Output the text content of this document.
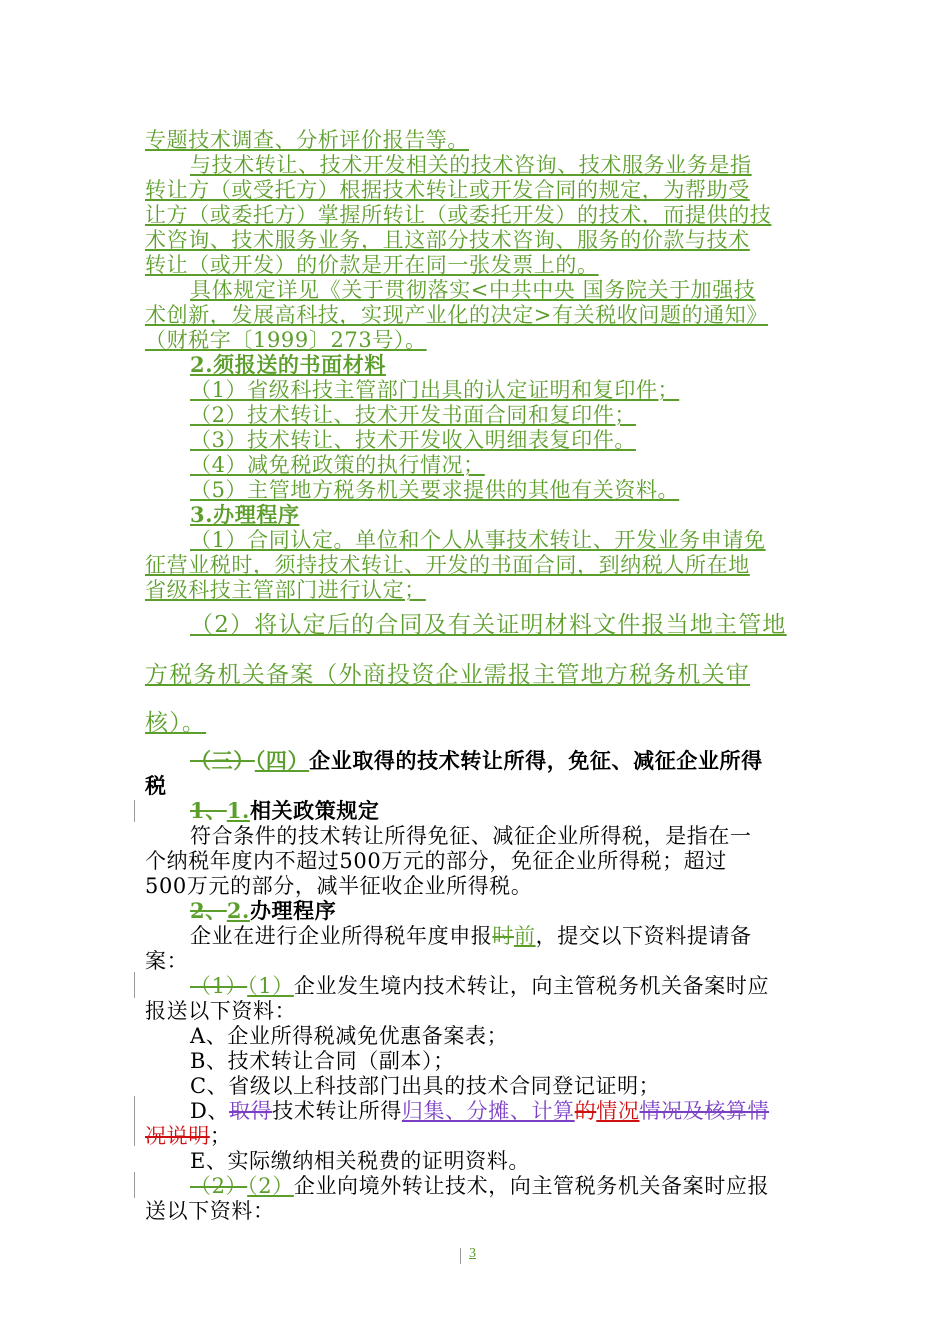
专题技术调查、分析评价报告等。
与技术转让、技术开发相关的技术咨询、技术服务业务是指
转让方（或受托方）根据技术转让或开发合同的规定，为帮助受
让方（或委托方）掌握所转让（或委托开发）的技术，而提供的技
术咨询、技术服务业务，且这部分技术咨询、服务的价款与技术
转让（或开发）的价款是开在同一张发票上的。
具体规定详见《关于贯彻落实<中共中央 国务院关于加强技
术创新，发展高科技，实现产业化的决定>有关税收问题的通知》
（财税字〔1999〕273号）。
2.须报送的书面材料
（1）省级科技主管部门出具的认定证明和复印件；
（2）技术转让、技术开发书面合同和复印件；
（3）技术转让、技术开发收入明细表复印件。
（4）减免税政策的执行情况；
（5）主管地方税务机关要求提供的其他有关资料。
3.办理程序
（1）合同认定。单位和个人从事技术转让、开发业务申请免
征营业税时，须持技术转让、开发的书面合同，到纳税人所在地
省级科技主管部门进行认定；
（2）将认定后的合同及有关证明材料文件报当地主管地
方税务机关备案（外商投资企业需报主管地方税务机关审
核）。
（三）（四）企业取得的技术转让所得，免征、减征企业所得
税
1、1.相关政策规定
符合条件的技术转让所得免征、减征企业所得税，是指在一
个纳税年度内不超过500万元的部分，免征企业所得税；超过
500万元的部分，减半征收企业所得税。
2、2.办理程序
企业在进行企业所得税年度申报时前，提交以下资料提请备
案：
（1）（1）企业发生境内技术转让，向主管税务机关备案时应
报送以下资料：
A、企业所得税减免优惠备案表；
B、技术转让合同（副本）；
C、省级以上科技部门出具的技术合同登记证明；
D、取得技术转让所得归集、分摊、计算的情况情况及核算情
况说明；
E、实际缴纳相关税费的证明资料。
（2）（2）企业向境外转让技术，向主管税务机关备案时应报
送以下资料：
3
